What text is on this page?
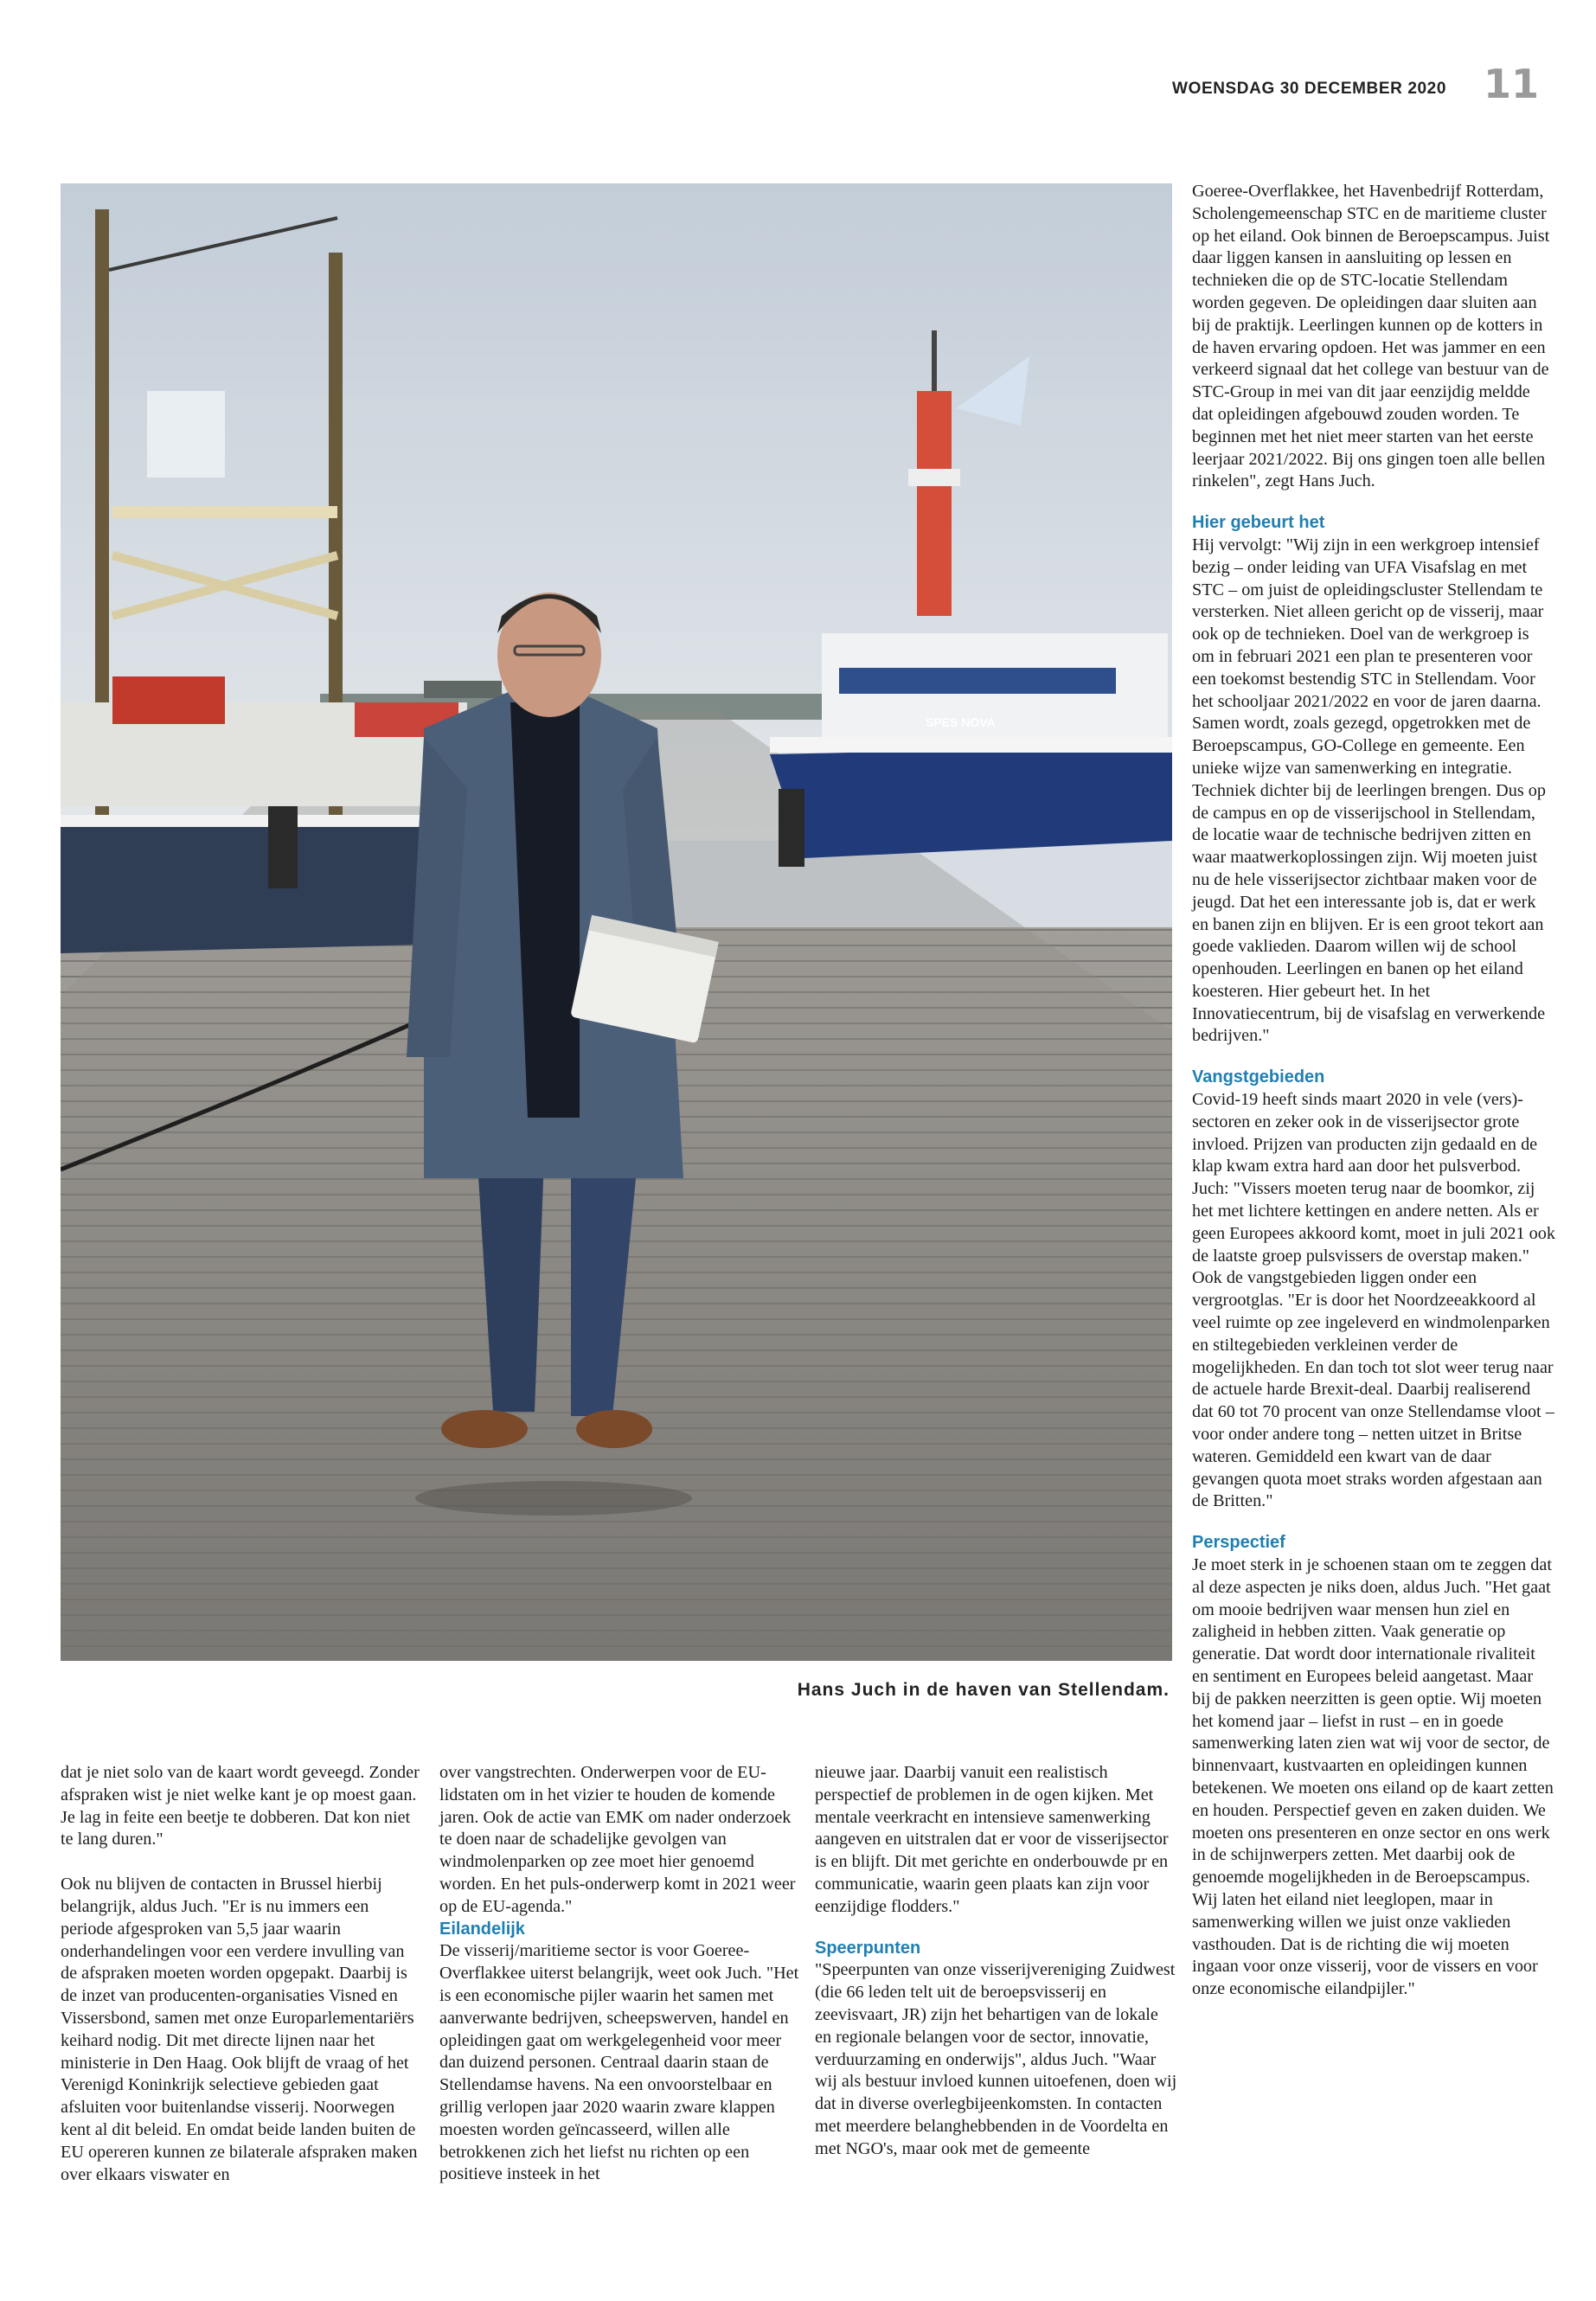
WOENSDAG 30 DECEMBER 2020 11
SPES NOVA
Hans Juch in de haven van Stellendam.

Goeree-Overflakkee, het Havenbedrijf Rotterdam, Scholengemeenschap STC en de maritieme cluster op het eiland. Ook binnen de Beroepscampus. Juist daar liggen kansen in aansluiting op lessen en technieken die op de STC-locatie Stellendam worden gegeven. De opleidingen daar sluiten aan bij de praktijk. Leerlingen kunnen op de kotters in de haven ervaring opdoen. Het was jammer en een verkeerd signaal dat het college van bestuur van de STC-Group in mei van dit jaar eenzijdig meldde dat opleidingen afgebouwd zouden worden. Te beginnen met het niet meer starten van het eerste leerjaar 2021/2022. Bij ons gingen toen alle bellen rinkelen", zegt Hans Juch.

Hier gebeurt het

Hij vervolgt: "Wij zijn in een werkgroep intensief bezig – onder leiding van UFA Visafslag en met STC – om juist de opleidingscluster Stellendam te versterken. Niet alleen gericht op de visserij, maar ook op de technieken. Doel van de werkgroep is om in februari 2021 een plan te presenteren voor een toekomst bestendig STC in Stellendam. Voor het schooljaar 2021/2022 en voor de jaren daarna. Samen wordt, zoals gezegd, opgetrokken met de Beroepscampus, GO-College en gemeente. Een unieke wijze van samenwerking en integratie. Techniek dichter bij de leerlingen brengen. Dus op de campus en op de visserijschool in Stellendam, de locatie waar de technische bedrijven zitten en waar maatwerkoplossingen zijn. Wij moeten juist nu de hele visserijsector zichtbaar maken voor de jeugd. Dat het een interessante job is, dat er werk en banen zijn en blijven. Er is een groot tekort aan goede vaklieden. Daarom willen wij de school openhouden. Leerlingen en banen op het eiland koesteren. Hier gebeurt het. In het Innovatiecentrum, bij de visafslag en verwerkende bedrijven."

Vangstgebieden

Covid-19 heeft sinds maart 2020 in vele (vers)-sectoren en zeker ook in de visserijsector grote invloed. Prijzen van producten zijn gedaald en de klap kwam extra hard aan door het pulsverbod. Juch: "Vissers moeten terug naar de boomkor, zij het met lichtere kettingen en andere netten. Als er geen Europees akkoord komt, moet in juli 2021 ook de laatste groep pulsvissers de overstap maken." Ook de vangstgebieden liggen onder een vergrootglas. "Er is door het Noordzeeakkoord al veel ruimte op zee ingeleverd en windmolenparken en stiltegebieden verkleinen verder de mogelijkheden. En dan toch tot slot weer terug naar de actuele harde Brexit-deal. Daarbij realiserend dat 60 tot 70 procent van onze Stellendamse vloot – voor onder andere tong – netten uitzet in Britse wateren. Gemiddeld een kwart van de daar gevangen quota moet straks worden afgestaan aan de Britten."

Perspectief

Je moet sterk in je schoenen staan om te zeggen dat al deze aspecten je niks doen, aldus Juch. "Het gaat om mooie bedrijven waar mensen hun ziel en zaligheid in hebben zitten. Vaak generatie op generatie. Dat wordt door internationale rivaliteit en sentiment en Europees beleid aangetast. Maar bij de pakken neerzitten is geen optie. Wij moeten het komend jaar – liefst in rust – en in goede samenwerking laten zien wat wij voor de sector, de binnenvaart, kustvaarten en opleidingen kunnen betekenen. We moeten ons eiland op de kaart zetten en houden. Perspectief geven en zaken duiden. We moeten ons presenteren en onze sector en ons werk in de schijnwerpers zetten. Met daarbij ook de genoemde mogelijkheden in de Beroepscampus. Wij laten het eiland niet leeglopen, maar in samenwerking willen we juist onze vaklieden vasthouden. Dat is de richting die wij moeten ingaan voor onze visserij, voor de vissers en voor onze economische eilandpijler."

dat je niet solo van de kaart wordt geveegd. Zonder afspraken wist je niet welke kant je op moest gaan. Je lag in feite een beetje te dobberen. Dat kon niet te lang duren."

Ook nu blijven de contacten in Brussel hierbij belangrijk, aldus Juch. "Er is nu immers een periode afgesproken van 5,5 jaar waarin onderhandelingen voor een verdere invulling van de afspraken moeten worden opgepakt. Daarbij is de inzet van producenten-organisaties Visned en Vissersbond, samen met onze Europarlementariërs keihard nodig. Dit met directe lijnen naar het ministerie in Den Haag. Ook blijft de vraag of het Verenigd Koninkrijk selectieve gebieden gaat afsluiten voor buitenlandse visserij. Noorwegen kent al dit beleid. En omdat beide landen buiten de EU opereren kunnen ze bilaterale afspraken maken over elkaars viswater en

over vangstrechten. Onderwerpen voor de EU-lidstaten om in het vizier te houden de komende jaren. Ook de actie van EMK om nader onderzoek te doen naar de schadelijke gevolgen van windmolenparken op zee moet hier genoemd worden. En het puls-onderwerp komt in 2021 weer op de EU-agenda."

Eilandelijk

De visserij/maritieme sector is voor Goeree-Overflakkee uiterst belangrijk, weet ook Juch. "Het is een economische pijler waarin het samen met aanverwante bedrijven, scheepswerven, handel en opleidingen gaat om werkgelegenheid voor meer dan duizend personen. Centraal daarin staan de Stellendamse havens. Na een onvoorstelbaar en grillig verlopen jaar 2020 waarin zware klappen moesten worden geïncasseerd, willen alle betrokkenen zich het liefst nu richten op een positieve insteek in het

nieuwe jaar. Daarbij vanuit een realistisch perspectief de problemen in de ogen kijken. Met mentale veerkracht en intensieve samenwerking aangeven en uitstralen dat er voor de visserijsector is en blijft. Dit met gerichte en onderbouwde pr en communicatie, waarin geen plaats kan zijn voor eenzijdige flodders."

Speerpunten

"Speerpunten van onze visserijvereniging Zuidwest (die 66 leden telt uit de beroepsvisserij en zeevisvaart, JR) zijn het behartigen van de lokale en regionale belangen voor de sector, innovatie, verduurzaming en onderwijs", aldus Juch. "Waar wij als bestuur invloed kunnen uitoefenen, doen wij dat in diverse overlegbijeenkomsten. In contacten met meerdere belanghebbenden in de Voordelta en met NGO's, maar ook met de gemeente
